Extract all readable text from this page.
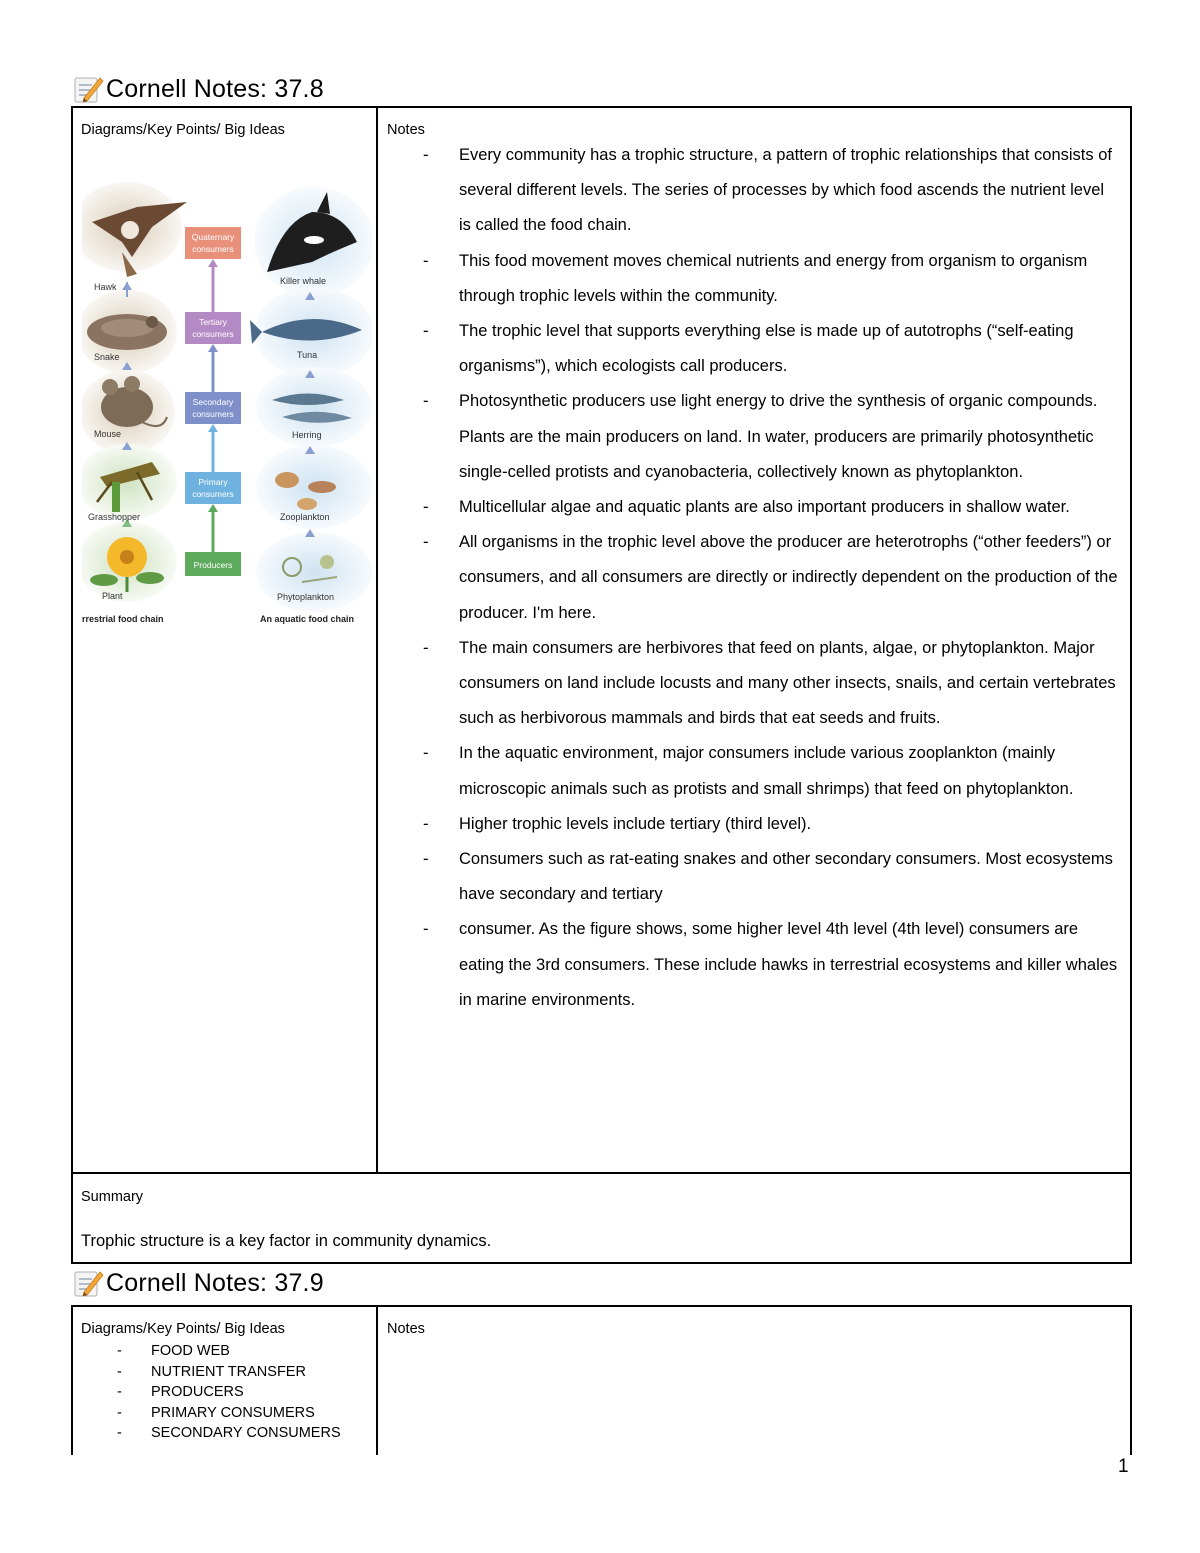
Cornell Notes: 37.8
Diagrams/Key Points/ Big Ideas
Quaternary
consumers
Tertiary
consumers
Secondary
consumers
Primary
consumers
Producers
Hawk
Snake
Mouse
Grasshopper
Plant
Killer whale
Tuna
Herring
Zooplankton
Phytoplankton
rrestrial food chain	An aquatic food chain
Notes
- Every community has a trophic structure, a pattern of trophic relationships that consists of several different levels. The series of processes by which food ascends the nutrient level is called the food chain.
- This food movement moves chemical nutrients and energy from organism to organism through trophic levels within the community.
- The trophic level that supports everything else is made up of autotrophs (“self-eating organisms”), which ecologists call producers.
- Photosynthetic producers use light energy to drive the synthesis of organic compounds. Plants are the main producers on land. In water, producers are primarily photosynthetic single-celled protists and cyanobacteria, collectively known as phytoplankton.
- Multicellular algae and aquatic plants are also important producers in shallow water.
- All organisms in the trophic level above the producer are heterotrophs (“other feeders”) or consumers, and all consumers are directly or indirectly dependent on the production of the producer. I'm here.
- The main consumers are herbivores that feed on plants, algae, or phytoplankton. Major consumers on land include locusts and many other insects, snails, and certain vertebrates such as herbivorous mammals and birds that eat seeds and fruits.
- In the aquatic environment, major consumers include various zooplankton (mainly microscopic animals such as protists and small shrimps) that feed on phytoplankton.
- Higher trophic levels include tertiary (third level).
- Consumers such as rat-eating snakes and other secondary consumers. Most ecosystems have secondary and tertiary
- consumer. As the figure shows, some higher level 4th level (4th level) consumers are eating the 3rd consumers. These include hawks in terrestrial ecosystems and killer whales in marine environments.
Summary
Trophic structure is a key factor in community dynamics.
Cornell Notes: 37.9
Diagrams/Key Points/ Big Ideas
- FOOD WEB
- NUTRIENT TRANSFER
- PRODUCERS
- PRIMARY CONSUMERS
- SECONDARY CONSUMERS
Notes
1
